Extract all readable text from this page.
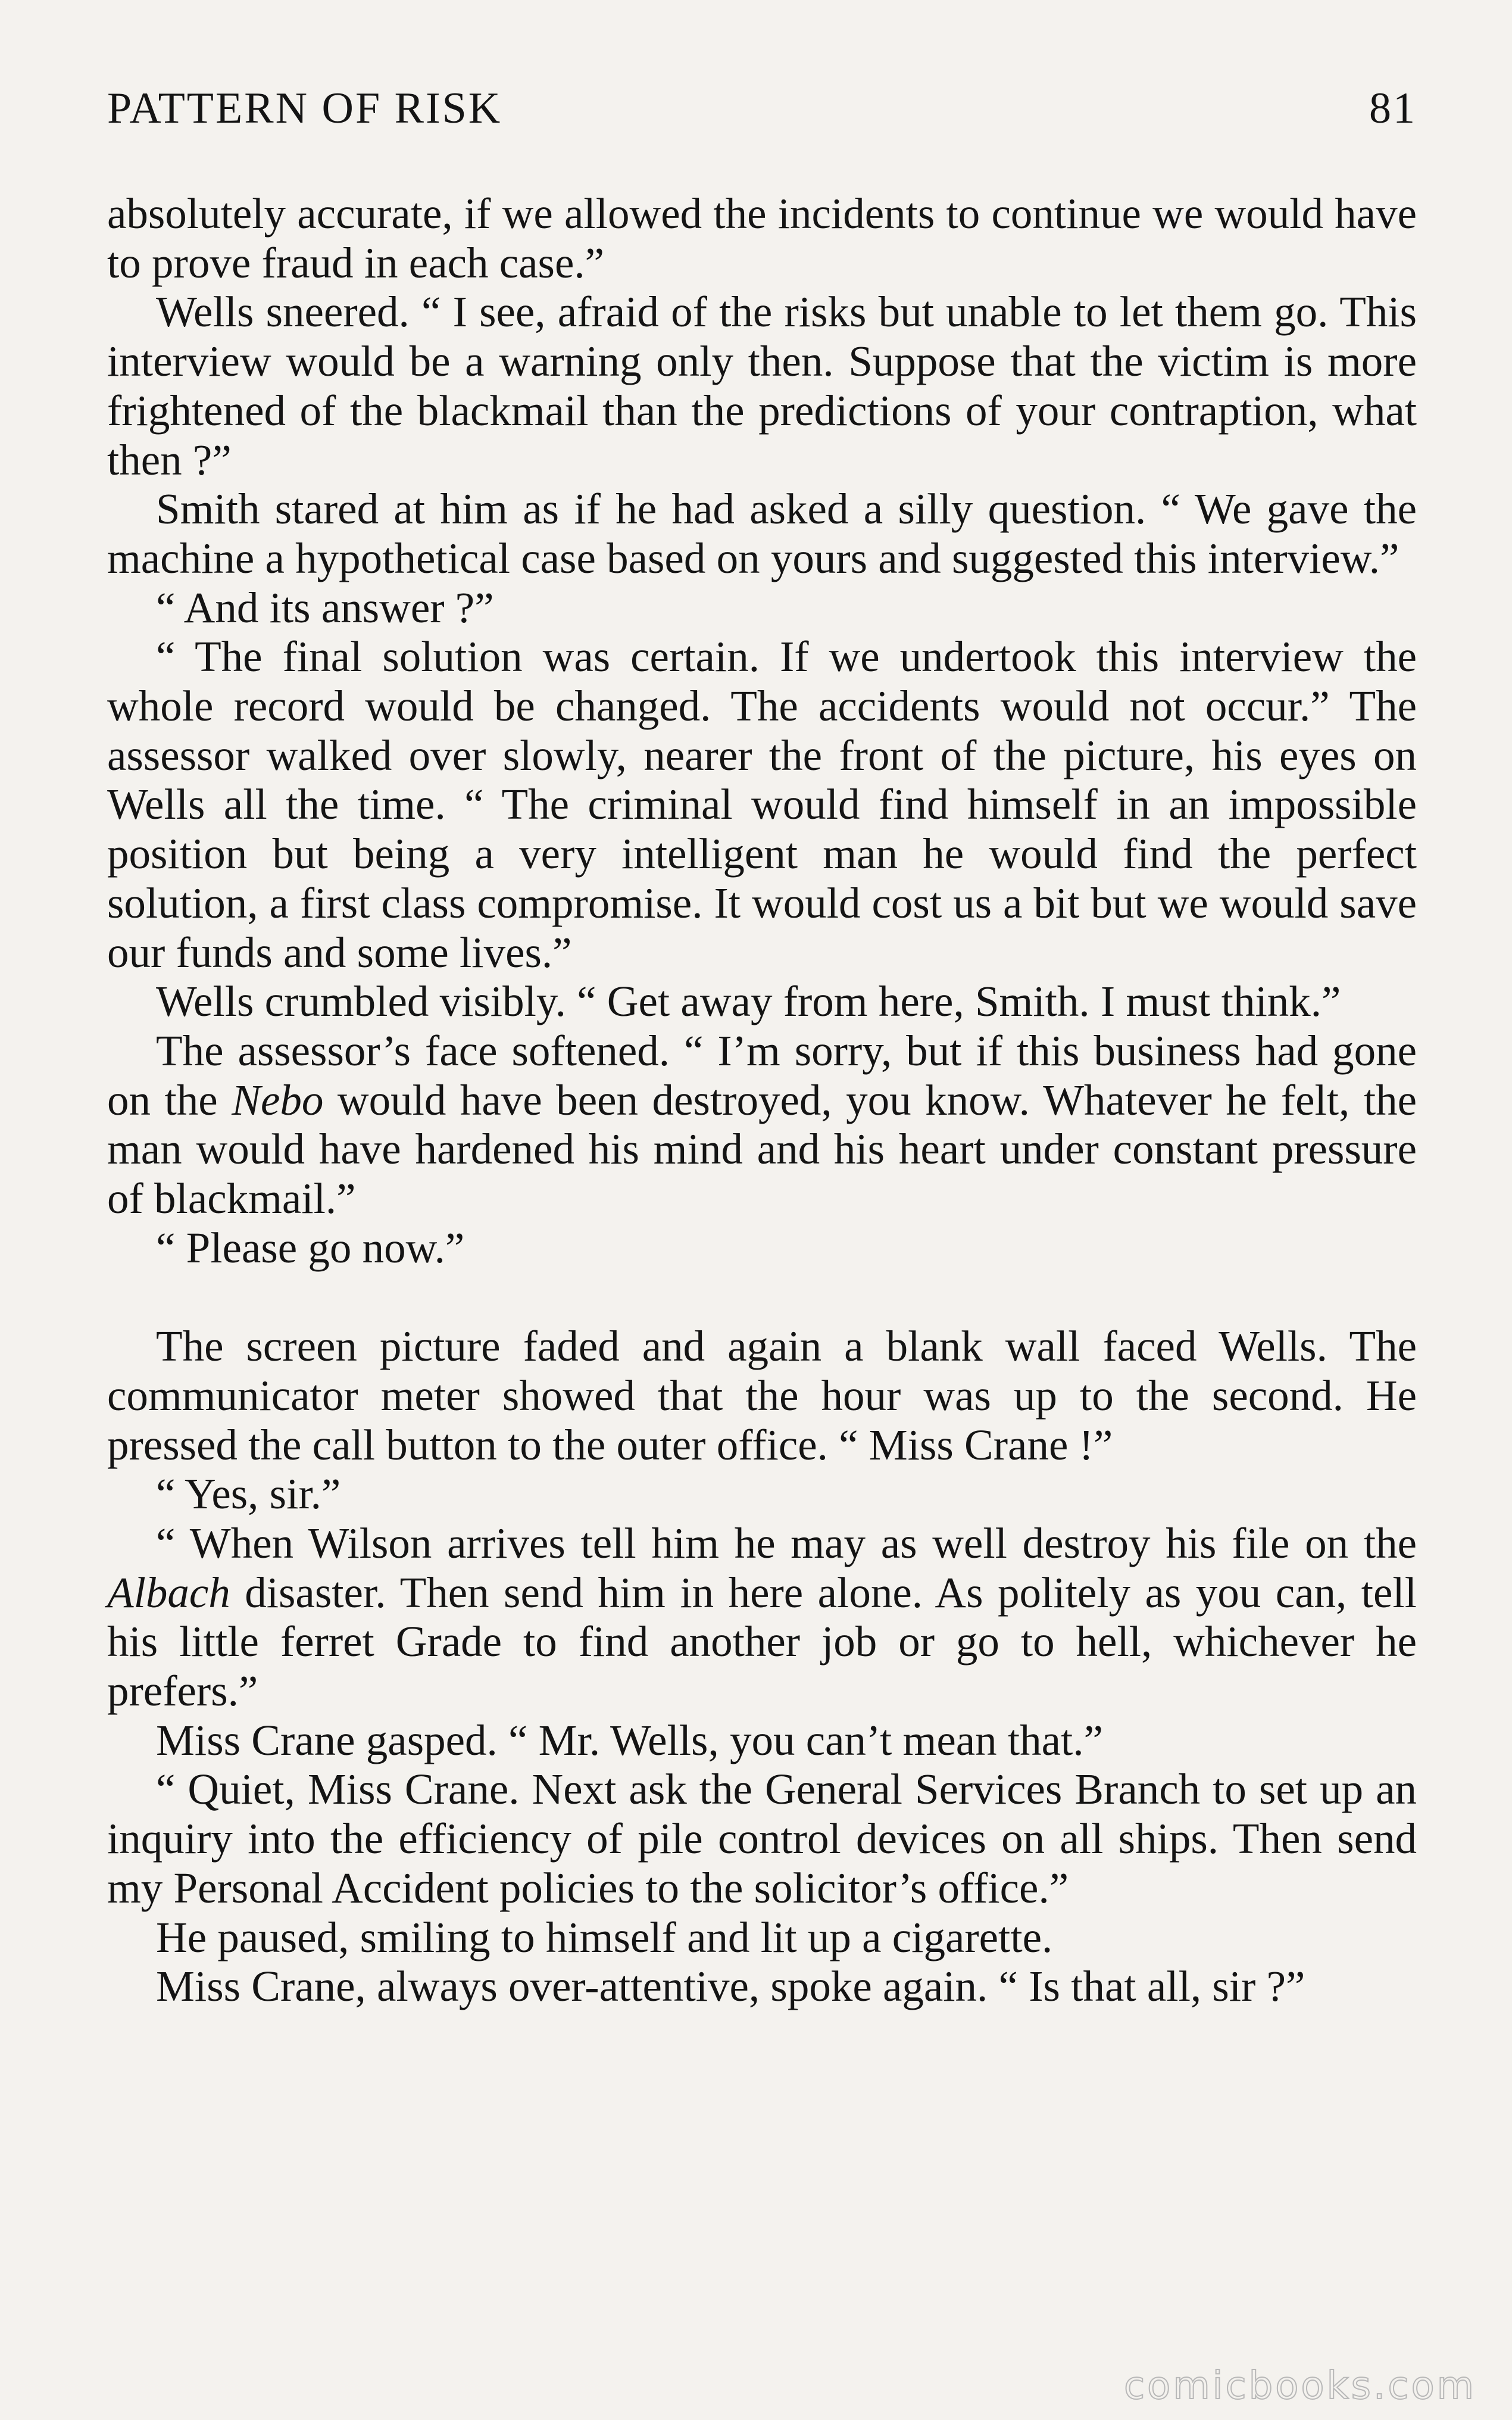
PATTERN OF RISK	81

absolutely accurate, if we allowed the incidents to continue we would have to prove fraud in each case.”

Wells sneered. “ I see, afraid of the risks but unable to let them go. This interview would be a warning only then. Suppose that the victim is more frightened of the blackmail than the predictions of your contraption, what then ?”

Smith stared at him as if he had asked a silly question. “ We gave the machine a hypothetical case based on yours and suggested this interview.”

“ And its answer ?”

“ The final solution was certain. If we undertook this interview the whole record would be changed. The accidents would not occur.” The assessor walked over slowly, nearer the front of the picture, his eyes on Wells all the time. “ The criminal would find himself in an impossible position but being a very intelligent man he would find the perfect solution, a first class compromise. It would cost us a bit but we would save our funds and some lives.”

Wells crumbled visibly. “ Get away from here, Smith. I must think.”

The assessor’s face softened. “ I’m sorry, but if this business had gone on the Nebo would have been destroyed, you know. Whatever he felt, the man would have hardened his mind and his heart under constant pressure of blackmail.”

“ Please go now.”

The screen picture faded and again a blank wall faced Wells. The communicator meter showed that the hour was up to the second. He pressed the call button to the outer office. “ Miss Crane !”

“ Yes, sir.”

“ When Wilson arrives tell him he may as well destroy his file on the Albach disaster. Then send him in here alone. As politely as you can, tell his little ferret Grade to find another job or go to hell, whichever he prefers.”

Miss Crane gasped. “ Mr. Wells, you can’t mean that.”

“ Quiet, Miss Crane. Next ask the General Services Branch to set up an inquiry into the efficiency of pile control devices on all ships. Then send my Personal Accident policies to the solicitor’s office.”

He paused, smiling to himself and lit up a cigarette.

Miss Crane, always over-attentive, spoke again. “ Is that all, sir ?”

comicbooks.com
